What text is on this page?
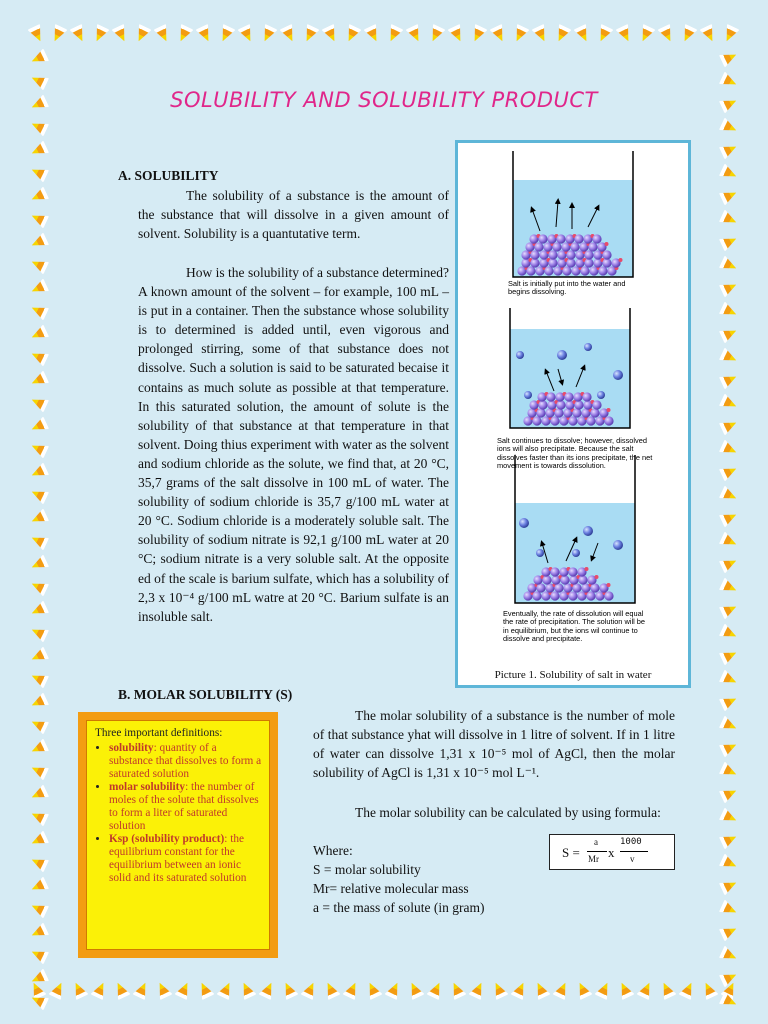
SOLUBILITY AND SOLUBILITY PRODUCT
A. SOLUBILITY
The solubility of a substance is the amount of the substance that will dissolve in a given amount of solvent. Solubility is a quantutative term.
How is the solubility of a substance determined? A known amount of the solvent – for example, 100 mL – is put in a container. Then the substance whose solubility is to determined is added until, even vigorous and prolonged stirring, some of that substance does not dissolve. Such a solution is said to be saturated becaise it contains as much solute as possible at that temperature. In this saturated solution, the amount of solute is the solubility of that substance at that temperature in that solvent. Doing thius experiment with water as the solvent and sodium chloride as the solute, we find that, at 20 °C, 35,7 grams of the salt dissolve in 100 mL of water. The solubility of sodium chloride is 35,7 g/100 mL water at 20 °C. Sodium chloride is a moderately soluble salt. The solubility of sodium nitrate is 92,1 g/100 mL water at 20 °C; sodium nitrate is a very soluble salt. At the opposite ed of the scale is barium sulfate, which has a solubility of 2,3 x 10⁻⁴ g/100 mL watre at 20 °C. Barium sulfate is an insoluble salt.
Salt is initially put into the water and begins dissolving.
Salt continues to dissolve; however, dissolved ions will also precipitate. Because the salt dissolves faster than its ions precipitate, the net movement is towards dissolution.
Eventually, the rate of dissolution will equal the rate of precipitation. The solution will be in equilibrium, but the ions wil continue to dissolve and precipitate.
Picture 1. Solubility of salt in water
B. MOLAR SOLUBILITY (S)
Three important definitions:
• solubility: quantity of a substance that dissolves to form a saturated solution
• molar solubility: the number of moles of the solute that dissolves to form a liter of saturated solution
• Ksp (solubility product): the equilibrium constant for the equilibrium between an ionic solid and its saturated solution
The molar solubility of a substance is the number of mole of that substance yhat will dissolve in 1 litre of solvent. If in 1 litre of water can dissolve 1,31 x 10⁻⁵ mol of AgCl, then the molar solubility of AgCl is 1,31 x 10⁻⁵ mol L⁻¹.
The molar solubility can be calculated by using formula:
Where:
S = molar solubility
Mr= relative molecular mass
a = the mass of solute (in gram)
S =
a
Mr x
1000
v
